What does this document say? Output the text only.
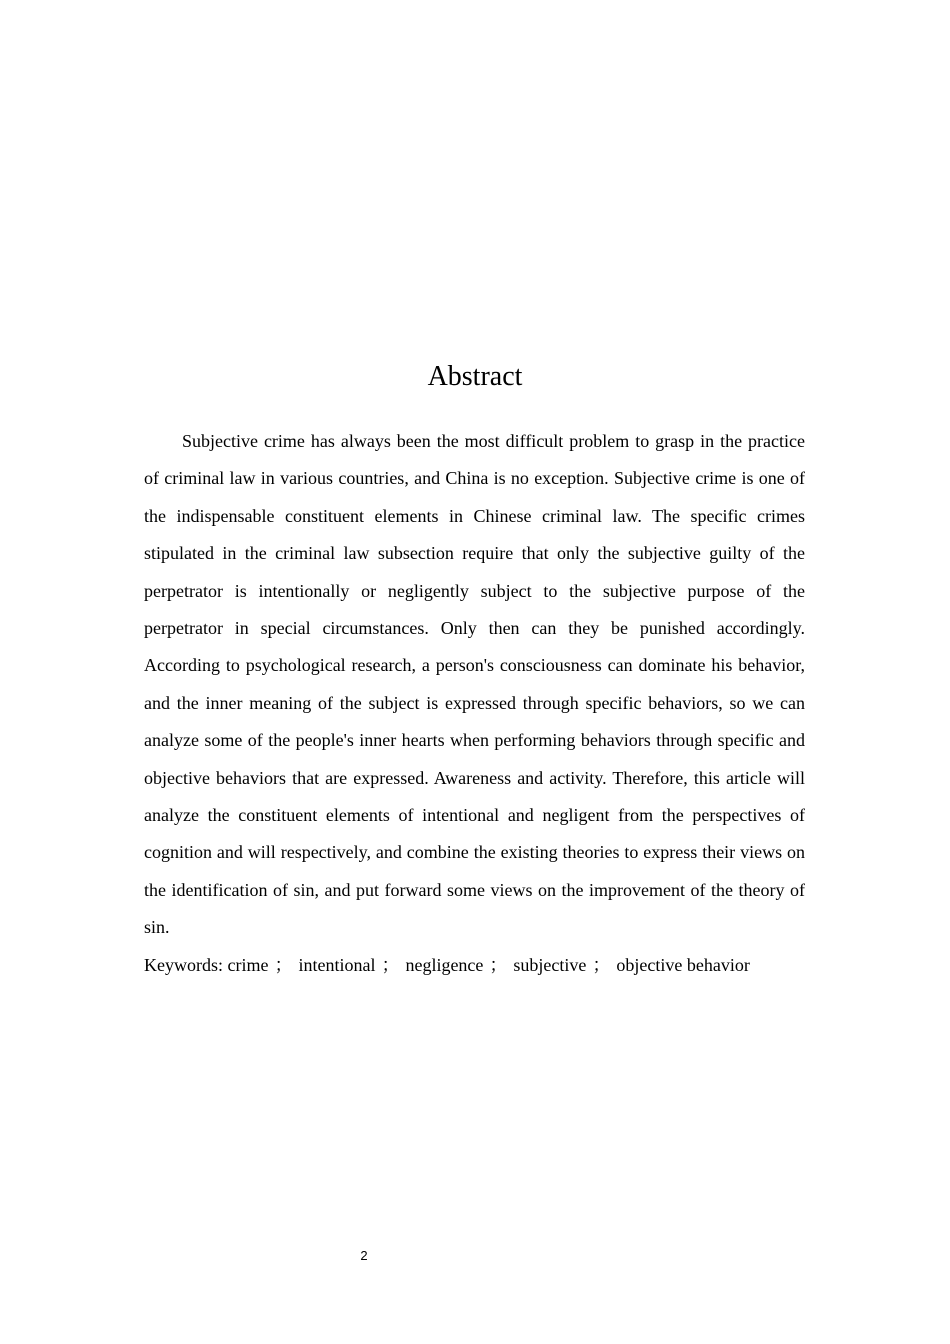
Abstract

Subjective crime has always been the most difficult problem to grasp in the practice of criminal law in various countries, and China is no exception. Subjective crime is one of the indispensable constituent elements in Chinese criminal law. The specific crimes stipulated in the criminal law subsection require that only the subjective guilty of the perpetrator is intentionally or negligently subject to the subjective purpose of the perpetrator in special circumstances. Only then can they be punished accordingly. According to psychological research, a person's consciousness can dominate his behavior, and the inner meaning of the subject is expressed through specific behaviors, so we can analyze some of the people's inner hearts when performing behaviors through specific and objective behaviors that are expressed. Awareness and activity. Therefore, this article will analyze the constituent elements of intentional and negligent from the perspectives of cognition and will respectively, and combine the existing theories to express their views on the identification of sin, and put forward some views on the improvement of the theory of sin.

Keywords: crime ； intentional ； negligence ； subjective ； objective behavior
2
